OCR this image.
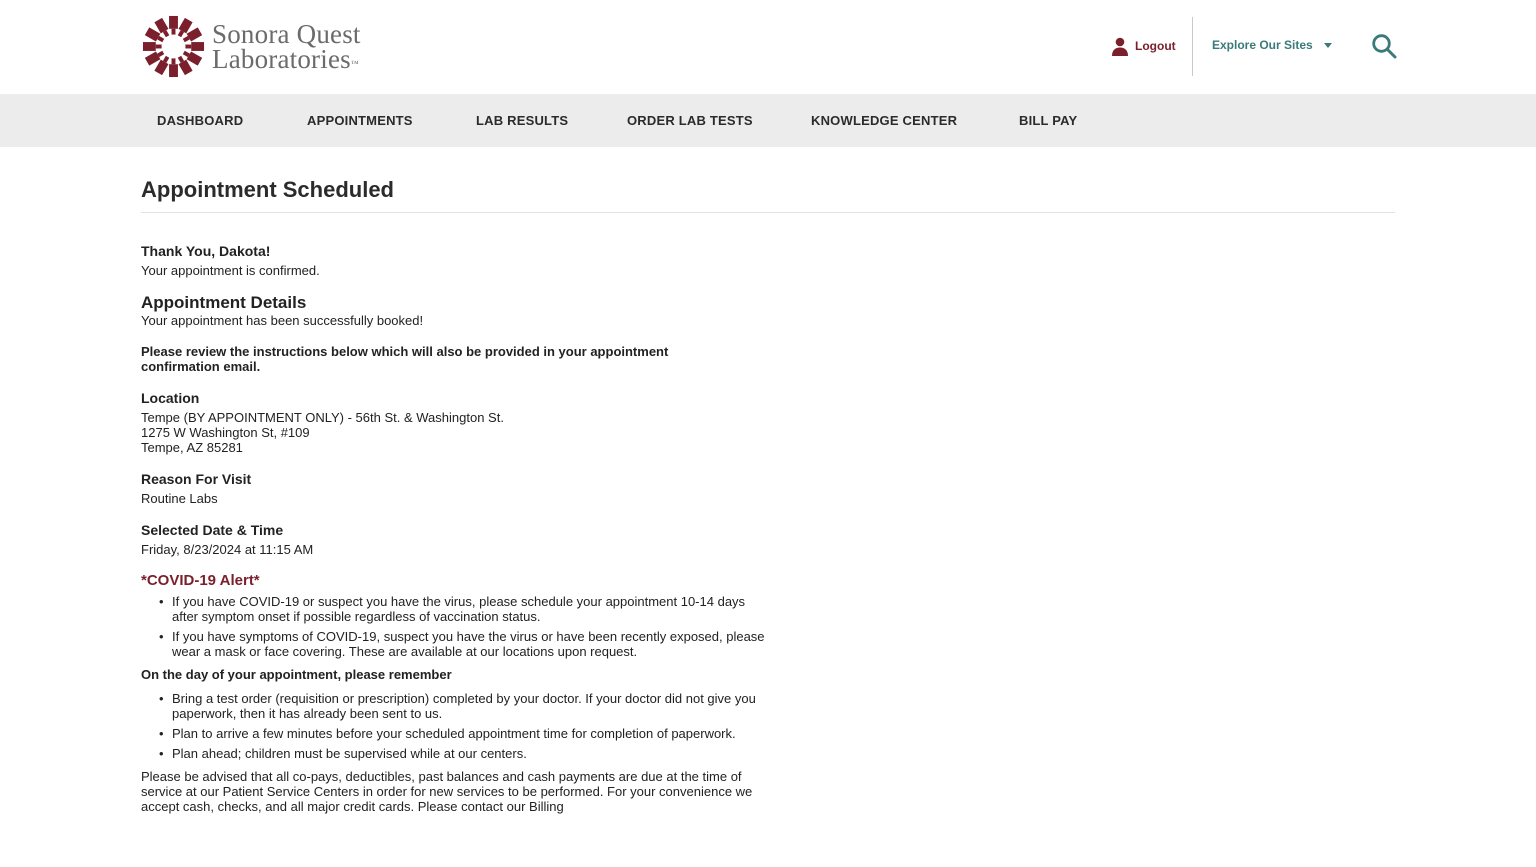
Sonora Quest
Laboratories™
Logout	Explore Our Sites
DASHBOARD	APPOINTMENTS	LAB RESULTS	ORDER LAB TESTS	KNOWLEDGE CENTER	BILL PAY
Appointment Scheduled
Thank You, Dakota!
Your appointment is confirmed.
Appointment Details
Your appointment has been successfully booked!
Please review the instructions below which will also be provided in your appointment confirmation email.
Location
Tempe (BY APPOINTMENT ONLY) - 56th St. & Washington St.
1275 W Washington St, #109
Tempe, AZ 85281
Reason For Visit
Routine Labs
Selected Date & Time
Friday, 8/23/2024 at 11:15 AM
*COVID-19 Alert*
• If you have COVID-19 or suspect you have the virus, please schedule your appointment 10-14 days after symptom onset if possible regardless of vaccination status.
• If you have symptoms of COVID-19, suspect you have the virus or have been recently exposed, please wear a mask or face covering. These are available at our locations upon request.
On the day of your appointment, please remember
• Bring a test order (requisition or prescription) completed by your doctor. If your doctor did not give you paperwork, then it has already been sent to us.
• Plan to arrive a few minutes before your scheduled appointment time for completion of paperwork.
• Plan ahead; children must be supervised while at our centers.
Please be advised that all co-pays, deductibles, past balances and cash payments are due at the time of service at our Patient Service Centers in order for new services to be performed. For your convenience we accept cash, checks, and all major credit cards. Please contact our Billing
